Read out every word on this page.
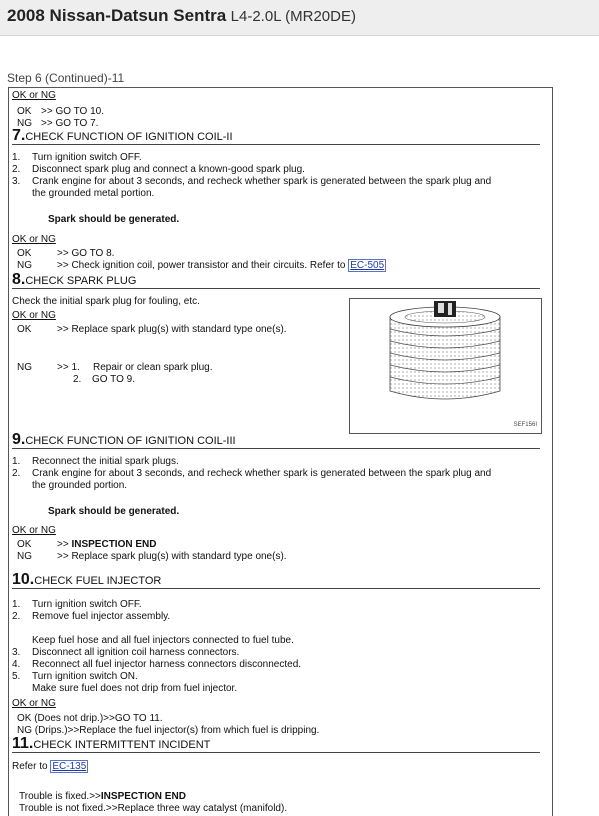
2008 Nissan-Datsun Sentra L4-2.0L (MR20DE)
Step 6 (Continued)-11
OK or NG
OK >> GO TO 10.
NG >> GO TO 7.
7.CHECK FUNCTION OF IGNITION COIL-II
1. Turn ignition switch OFF.
2. Disconnect spark plug and connect a known-good spark plug.
3. Crank engine for about 3 seconds, and recheck whether spark is generated between the spark plug and
the grounded metal portion.
Spark should be generated.
OK or NG
OK	>> GO TO 8.
NG	>> Check ignition coil, power transistor and their circuits. Refer to EC-505
8.CHECK SPARK PLUG
Check the initial spark plug for fouling, etc.
OK or NG
OK	>> Replace spark plug(s) with standard type one(s).
NG	>> 1. Repair or clean spark plug.
2. GO TO 9.
SEF156I
9.CHECK FUNCTION OF IGNITION COIL-III
1. Reconnect the initial spark plugs.
2. Crank engine for about 3 seconds, and recheck whether spark is generated between the spark plug and
the grounded portion.
Spark should be generated.
OK or NG
OK	>> INSPECTION END
NG	>> Replace spark plug(s) with standard type one(s).
10.CHECK FUEL INJECTOR
1. Turn ignition switch OFF.
2. Remove fuel injector assembly.
Keep fuel hose and all fuel injectors connected to fuel tube.
3. Disconnect all ignition coil harness connectors.
4. Reconnect all fuel injector harness connectors disconnected.
5. Turn ignition switch ON.
Make sure fuel does not drip from fuel injector.
OK or NG
OK (Does not drip.)>>GO TO 11.
NG (Drips.)>>Replace the fuel injector(s) from which fuel is dripping.
11.CHECK INTERMITTENT INCIDENT
Refer to EC-135
Trouble is fixed.>>INSPECTION END
Trouble is not fixed.>>Replace three way catalyst (manifold).
